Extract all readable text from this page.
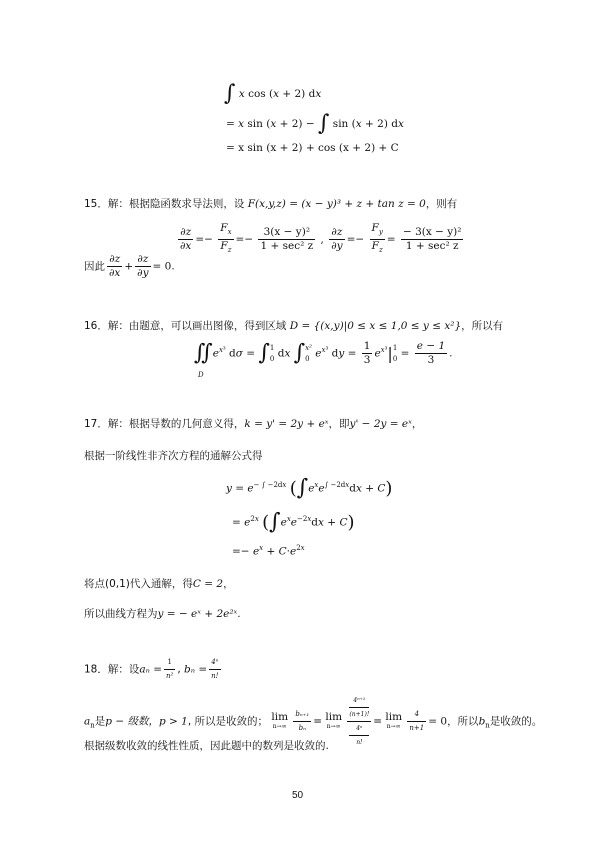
∫ x cos (x + 2) dx
= x sin (x + 2) − ∫ sin (x + 2) dx
= x sin (x + 2) + cos (x + 2) + C
15．解：根据隐函数求导法则，设 F(x,y,z) = (x − y)³ + z + tan z = 0，则有
$\frac{\partial z}{\partial x} =- \frac{F_x}{F_z} =- \frac{\text{3(x − y)²}}{\text{1 + sec² z}}$ , $\frac{\partial z}{\partial y} =- \frac{F_y}{F_z} = \frac{\text{− 3(x − y)²}}{\text{1 + sec² z}}$
因此 $\frac{\partial z}{\partial x} + \frac{\partial z}{\partial y} = 0$.
16．解：由题意，可以画出图像，得到区域 D = {(x,y)|0 ≤ x ≤ 1,0 ≤ y ≤ x²}，所以有
$∬e^{x^3}$ dσ = ∫ 1
0 dx ∫ x²
0 $e^{x^3}$ dy = $\frac{1}{3} e^{x^3}|$ 1
$0 = \frac{e - 1}{3}$ .
D
17．解：根据导数的几何意义得，k = y' = 2y + eˣ，即y' − 2y = eˣ，
根据一阶线性非齐次方程的通解公式得
$y = e^{- \int -2dx}$ $(\int e^xe^{\int -2dx}dx + C)$
= $e^{2x}$ $(\int e^xe^{-2x}dx + C)$
=− $e^x + C\cdot e^{2x}$
将点(0,1)代入通解，得C = 2，
所以曲线方程为y = − eˣ + 2e²ˣ.
18．解：设$a_n = \frac{1}{\text{n²}}$ , $b_n = \frac{\text{4ⁿ}}{n!}$
$a_n$是p − 级数，p > 1, 所以是收敛的； lim
n→∞
$\frac{\text{bₙ₊₁}}{\text{bₙ}} = \lim$
n→∞
4ⁿ⁺¹
(n+1)!
4ⁿ
n! = lim
n→∞
$\frac{4}{n+1} = 0$，所以$b_n$是收敛的。
根据级数收敛的线性性质，因此题中的数列是收敛的.
50
